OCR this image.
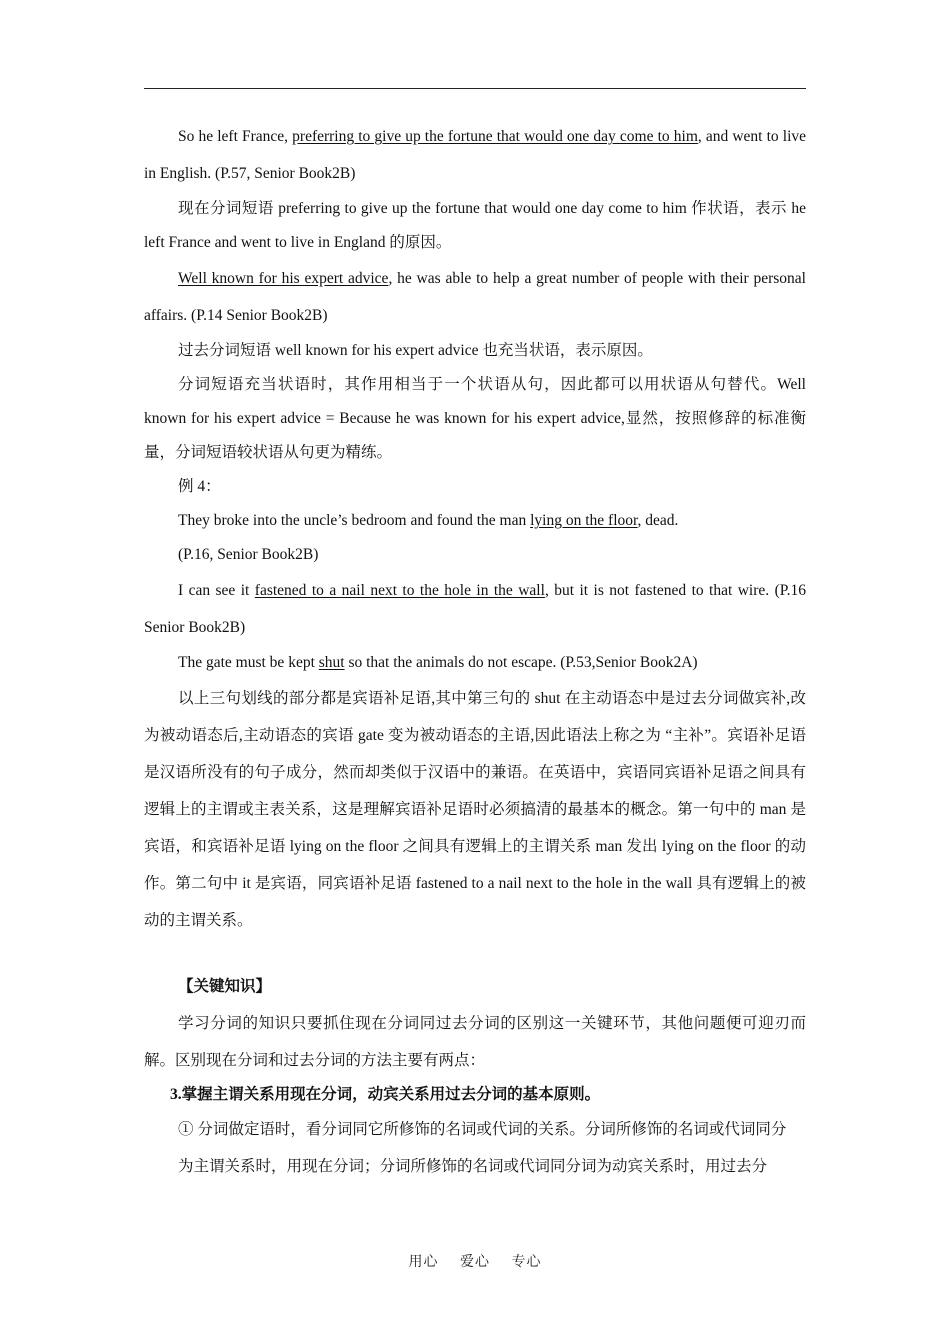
So he left France, preferring to give up the fortune that would one day come to him, and went to live in English. (P.57, Senior Book2B)

现在分词短语 preferring to give up the fortune that would one day come to him 作状语，表示 he left France and went to live in England 的原因。

Well known for his expert advice, he was able to help a great number of people with their personal affairs. (P.14 Senior Book2B)

过去分词短语 well known for his expert advice 也充当状语，表示原因。

分词短语充当状语时，其作用相当于一个状语从句，因此都可以用状语从句替代。Well known for his expert advice = Because he was known for his expert advice,显然，按照修辞的标准衡量，分词短语较状语从句更为精练。

例 4：

They broke into the uncle’s bedroom and found the man lying on the floor, dead.

(P.16, Senior Book2B)

I can see it fastened to a nail next to the hole in the wall, but it is not fastened to that wire. (P.16 Senior Book2B)

The gate must be kept shut so that the animals do not escape. (P.53,Senior Book2A)

以上三句划线的部分都是宾语补足语,其中第三句的 shut 在主动语态中是过去分词做宾补,改为被动语态后,主动语态的宾语 gate 变为被动语态的主语,因此语法上称之为 “主补”。宾语补足语是汉语所没有的句子成分，然而却类似于汉语中的兼语。在英语中，宾语同宾语补足语之间具有逻辑上的主谓或主表关系，这是理解宾语补足语时必须搞清的最基本的概念。第一句中的 man 是宾语，和宾语补足语 lying on the floor 之间具有逻辑上的主谓关系 man 发出 lying on the floor 的动作。第二句中 it 是宾语，同宾语补足语 fastened to a nail next to the hole in the wall 具有逻辑上的被动的主谓关系。

【关键知识】

学习分词的知识只要抓住现在分词同过去分词的区别这一关键环节，其他问题便可迎刃而解。区别现在分词和过去分词的方法主要有两点：

3.掌握主谓关系用现在分词，动宾关系用过去分词的基本原则。

① 分词做定语时，看分词同它所修饰的名词或代词的关系。分词所修饰的名词或代词同分

为主谓关系时，用现在分词；分词所修饰的名词或代词同分词为动宾关系时，用过去分

用心 爱心 专心
